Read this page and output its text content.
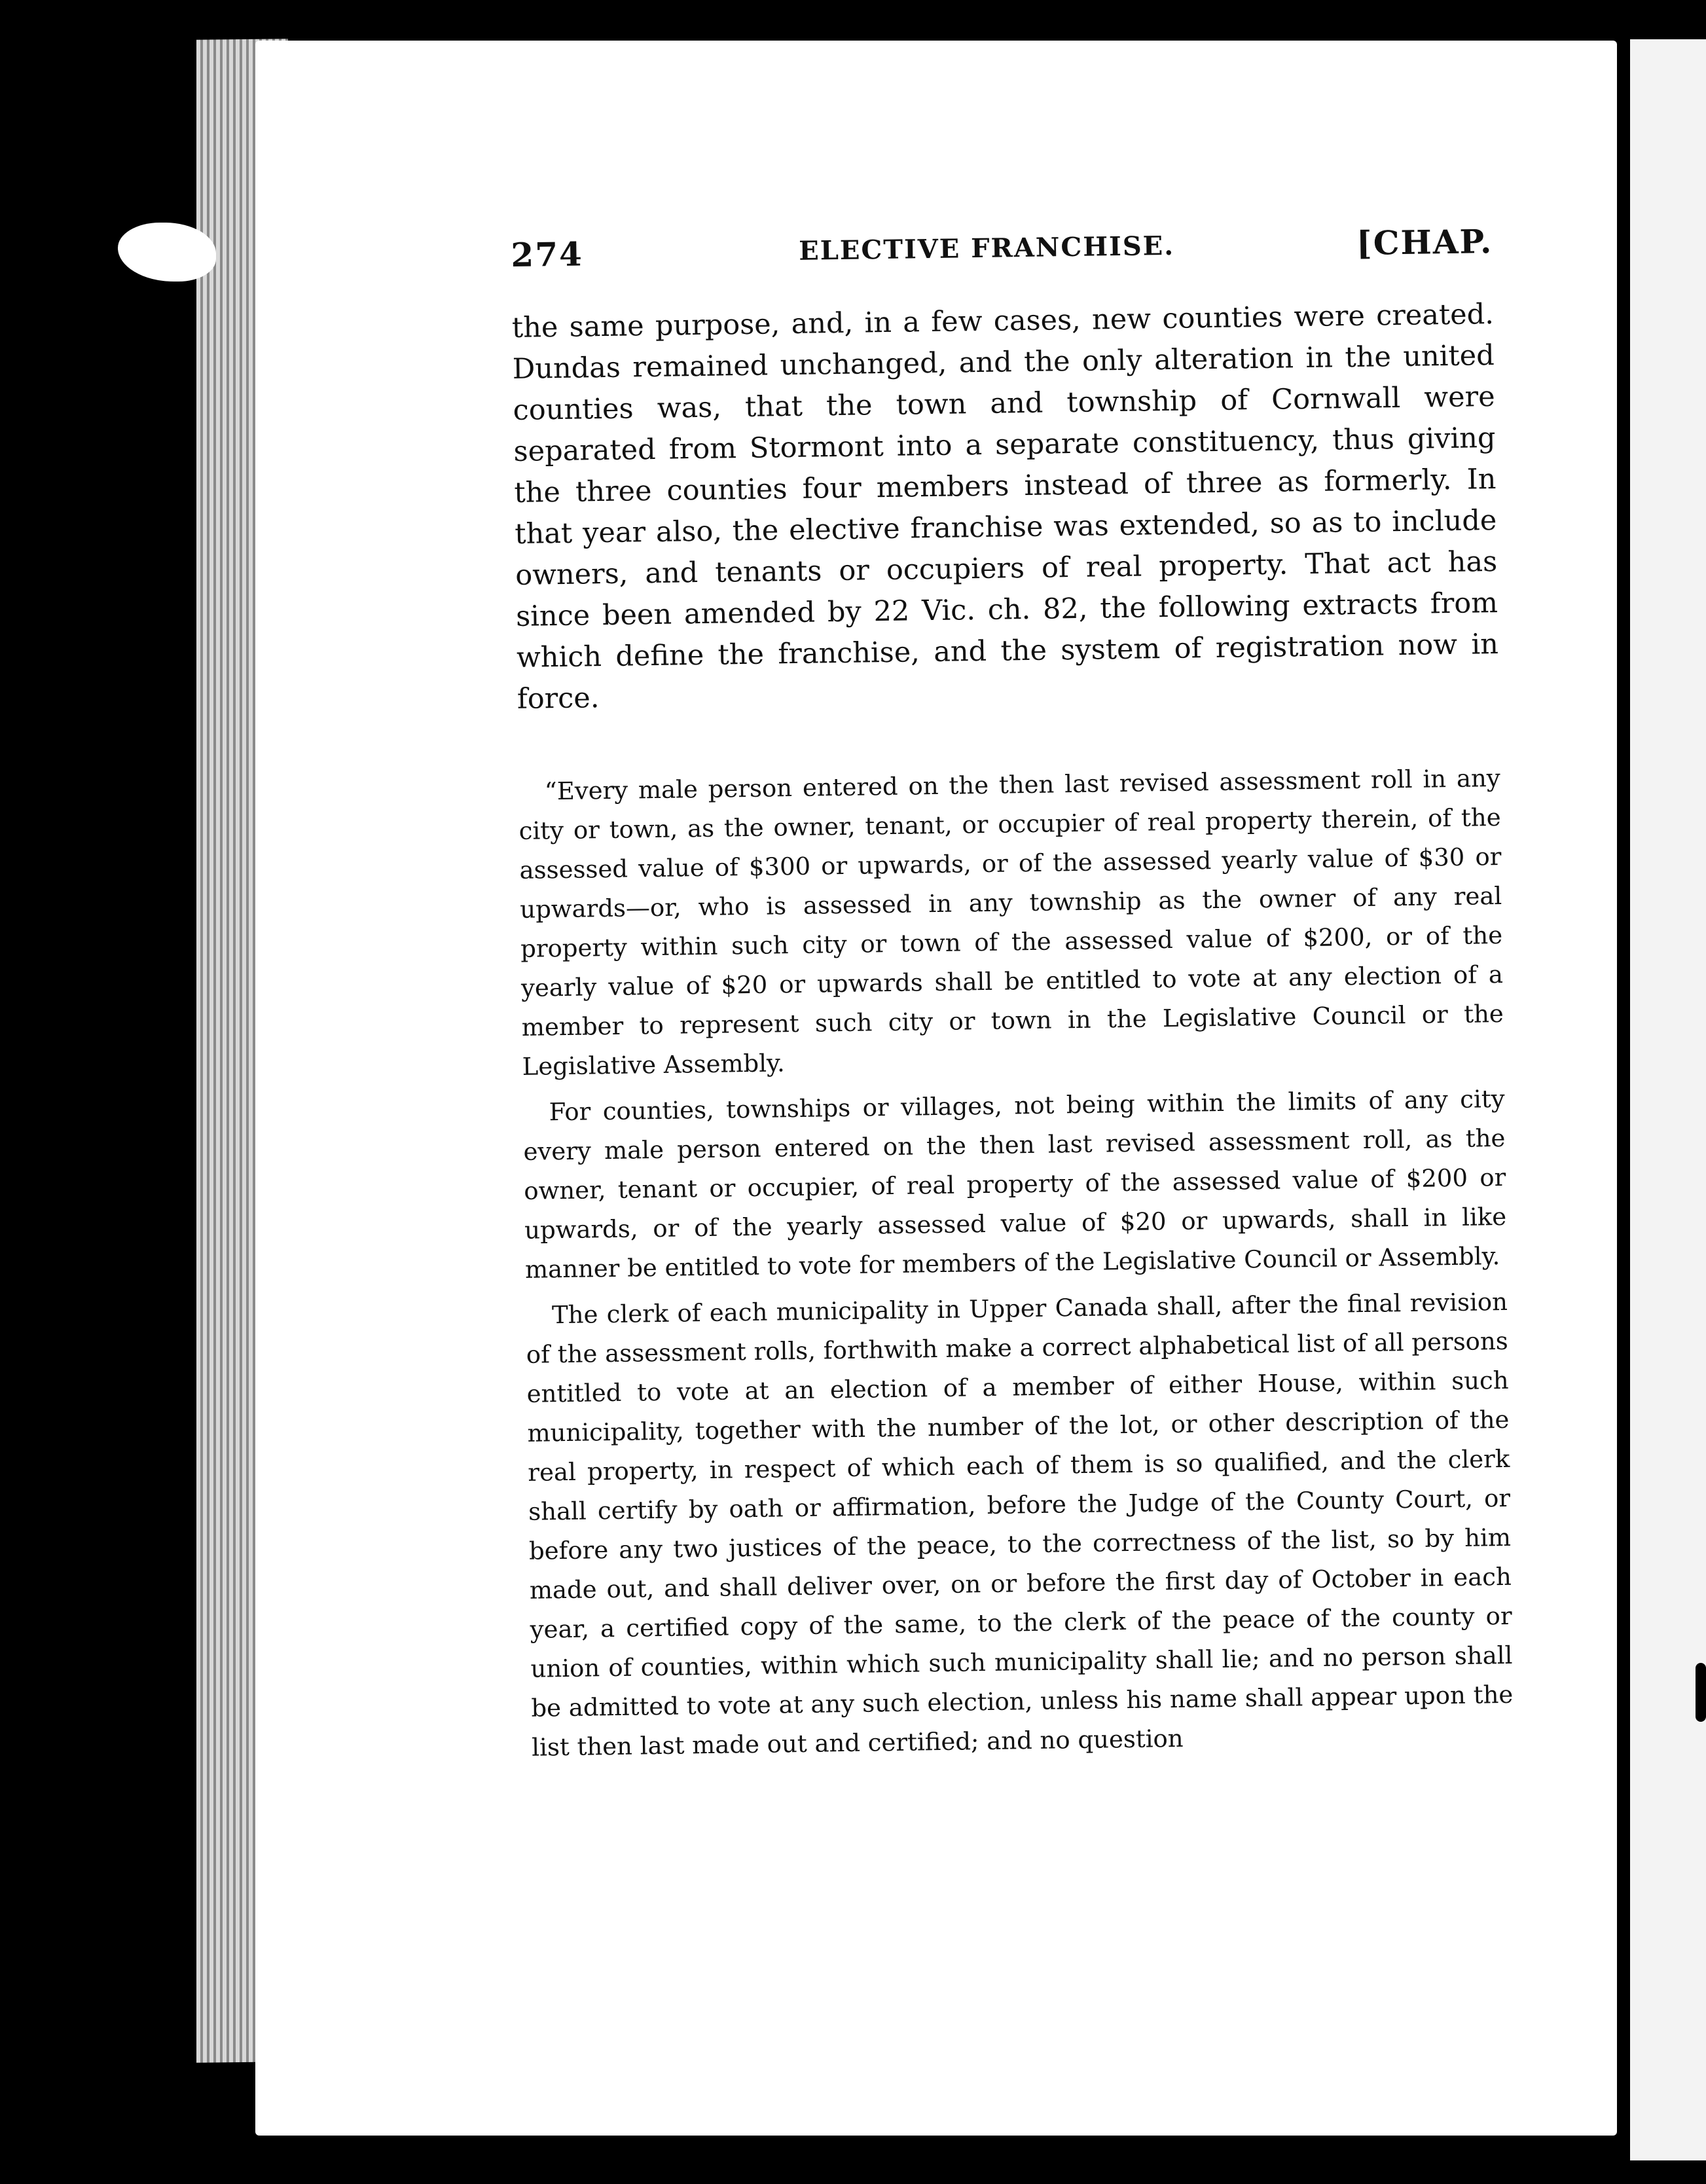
274	ELECTIVE FRANCHISE.	[CHAP.

the same purpose, and, in a few cases, new counties were created. Dundas remained unchanged, and the only alteration in the united counties was, that the town and township of Cornwall were separated from Stormont into a separate constituency, thus giving the three counties four members instead of three as formerly. In that year also, the elective franchise was extended, so as to include owners, and tenants or occupiers of real property. That act has since been amended by 22 Vic. ch. 82, the following extracts from which define the franchise, and the system of registration now in force.

“Every male person entered on the then last revised assessment roll in any city or town, as the owner, tenant, or occupier of real property therein, of the assessed value of $300 or upwards, or of the assessed yearly value of $30 or upwards—or, who is assessed in any township as the owner of any real property within such city or town of the assessed value of $200, or of the yearly value of $20 or upwards shall be entitled to vote at any election of a member to represent such city or town in the Legislative Council or the Legislative Assembly.

For counties, townships or villages, not being within the limits of any city every male person entered on the then last revised assessment roll, as the owner, tenant or occupier, of real property of the assessed value of $200 or upwards, or of the yearly assessed value of $20 or upwards, shall in like manner be entitled to vote for members of the Legislative Council or Assembly.

The clerk of each municipality in Upper Canada shall, after the final revision of the assessment rolls, forthwith make a correct alphabetical list of all persons entitled to vote at an election of a member of either House, within such municipality, together with the number of the lot, or other description of the real property, in respect of which each of them is so qualified, and the clerk shall certify by oath or affirmation, before the Judge of the County Court, or before any two justices of the peace, to the correctness of the list, so by him made out, and shall deliver over, on or before the first day of October in each year, a certified copy of the same, to the clerk of the peace of the county or union of counties, within which such municipality shall lie; and no person shall be admitted to vote at any such election, unless his name shall appear upon the list then last made out and certified; and no question
